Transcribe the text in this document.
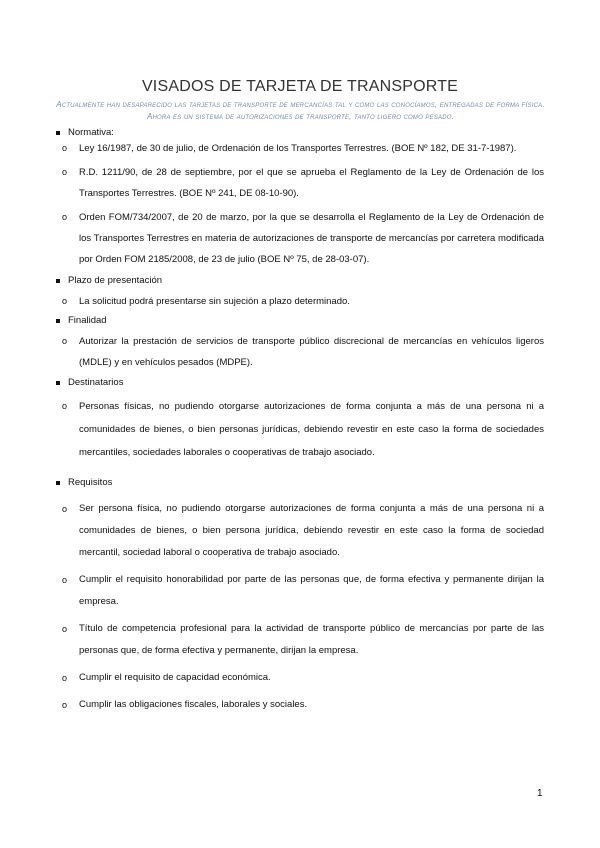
VISADOS DE TARJETA DE TRANSPORTE
Actualmente han desaparecido las tarjetas de transporte de mercancías tal y como las conocíamos, entregadas de forma física. Ahora es un sistema de autorizaciones de transporte, tanto ligero como pesado.
Normativa:
o Ley 16/1987, de 30 de julio, de Ordenación de los Transportes Terrestres. (BOE Nº 182, DE 31-7-1987).
o R.D. 1211/90, de 28 de septiembre, por el que se aprueba el Reglamento de la Ley de Ordenación de los Transportes Terrestres. (BOE Nº 241, DE 08-10-90).
o Orden FOM/734/2007, de 20 de marzo, por la que se desarrolla el Reglamento de la Ley de Ordenación de los Transportes Terrestres en materia de autorizaciones de transporte de mercancías por carretera modificada por Orden FOM 2185/2008, de 23 de julio (BOE Nº 75, de 28-03-07).
Plazo de presentación
o La solicitud podrá presentarse sin sujeción a plazo determinado.
Finalidad
o Autorizar la prestación de servicios de transporte público discrecional de mercancías en vehículos ligeros (MDLE) y en vehículos pesados (MDPE).
Destinatarios
o Personas físicas, no pudiendo otorgarse autorizaciones de forma conjunta a más de una persona ni a comunidades de bienes, o bien personas jurídicas, debiendo revestir en este caso la forma de sociedades mercantiles, sociedades laborales o cooperativas de trabajo asociado.
Requisitos
o Ser persona física, no pudiendo otorgarse autorizaciones de forma conjunta a más de una persona ni a comunidades de bienes, o bien persona jurídica, debiendo revestir en este caso la forma de sociedad mercantil, sociedad laboral o cooperativa de trabajo asociado.
o Cumplir el requisito honorabilidad por parte de las personas que, de forma efectiva y permanente dirijan la empresa.
o Título de competencia profesional para la actividad de transporte público de mercancías por parte de las personas que, de forma efectiva y permanente, dirijan la empresa.
o Cumplir el requisito de capacidad económica.
o Cumplir las obligaciones fiscales, laborales y sociales.
1
